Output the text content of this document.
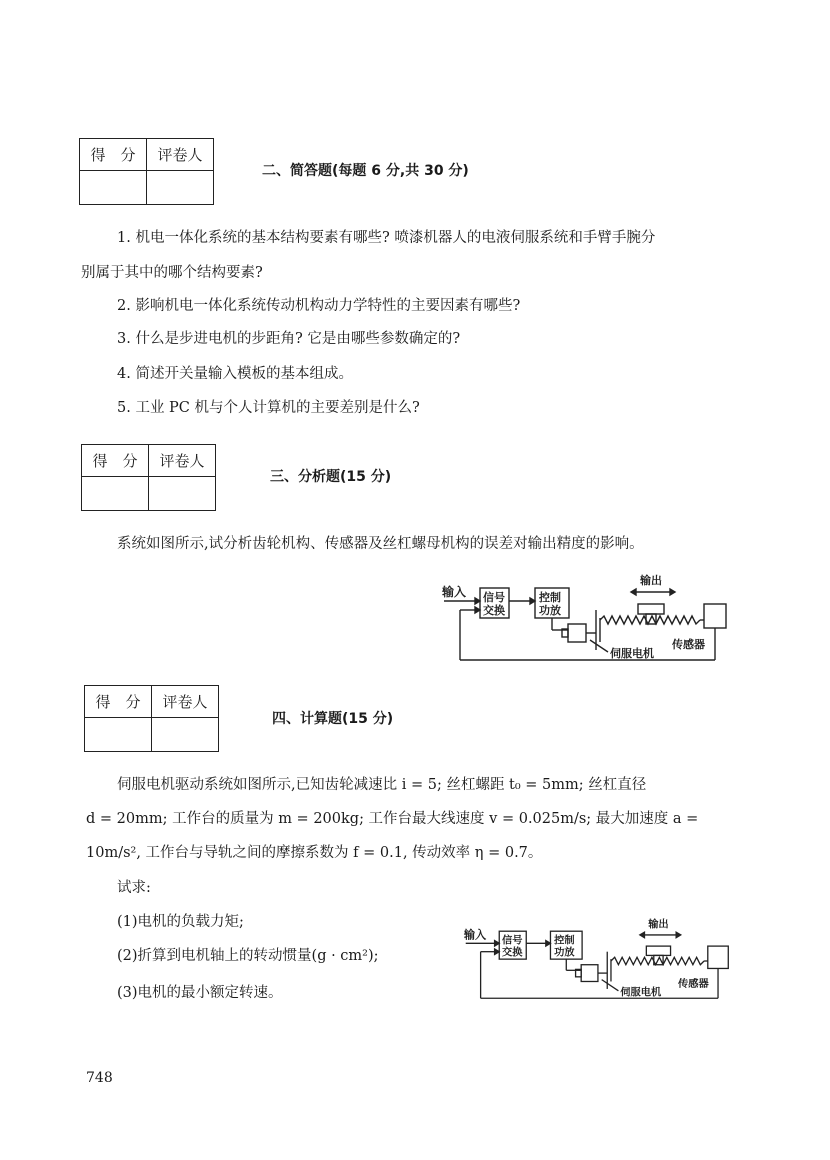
得　分	评卷人

二、简答题(每题 6 分,共 30 分)
1. 机电一体化系统的基本结构要素有哪些? 喷漆机器人的电液伺服系统和手臂手腕分
别属于其中的哪个结构要素?
2. 影响机电一体化系统传动机构动力学特性的主要因素有哪些?
3. 什么是步进电机的步距角? 它是由哪些参数确定的?
4. 简述开关量输入模板的基本组成。
5. 工业 PC 机与个人计算机的主要差别是什么?
得　分	评卷人

三、分析题(15 分)
系统如图所示,试分析齿轮机构、传感器及丝杠螺母机构的误差对输出精度的影响。
输入 信号
交换
控制
功放
输出
伺服电机
传感器
得　分	评卷人

四、计算题(15 分)
伺服电机驱动系统如图所示,已知齿轮减速比 i = 5; 丝杠螺距 t₀ = 5mm; 丝杠直径
d = 20mm; 工作台的质量为 m = 200kg; 工作台最大线速度 v = 0.025m/s; 最大加速度 a =
10m/s², 工作台与导轨之间的摩擦系数为 f = 0.1, 传动效率 η = 0.7。
试求:
(1)电机的负载力矩;
(2)折算到电机轴上的转动惯量(g · cm²);
(3)电机的最小额定转速。
输入 信号
交换
控制
功放
输出
伺服电机
传感器
748
